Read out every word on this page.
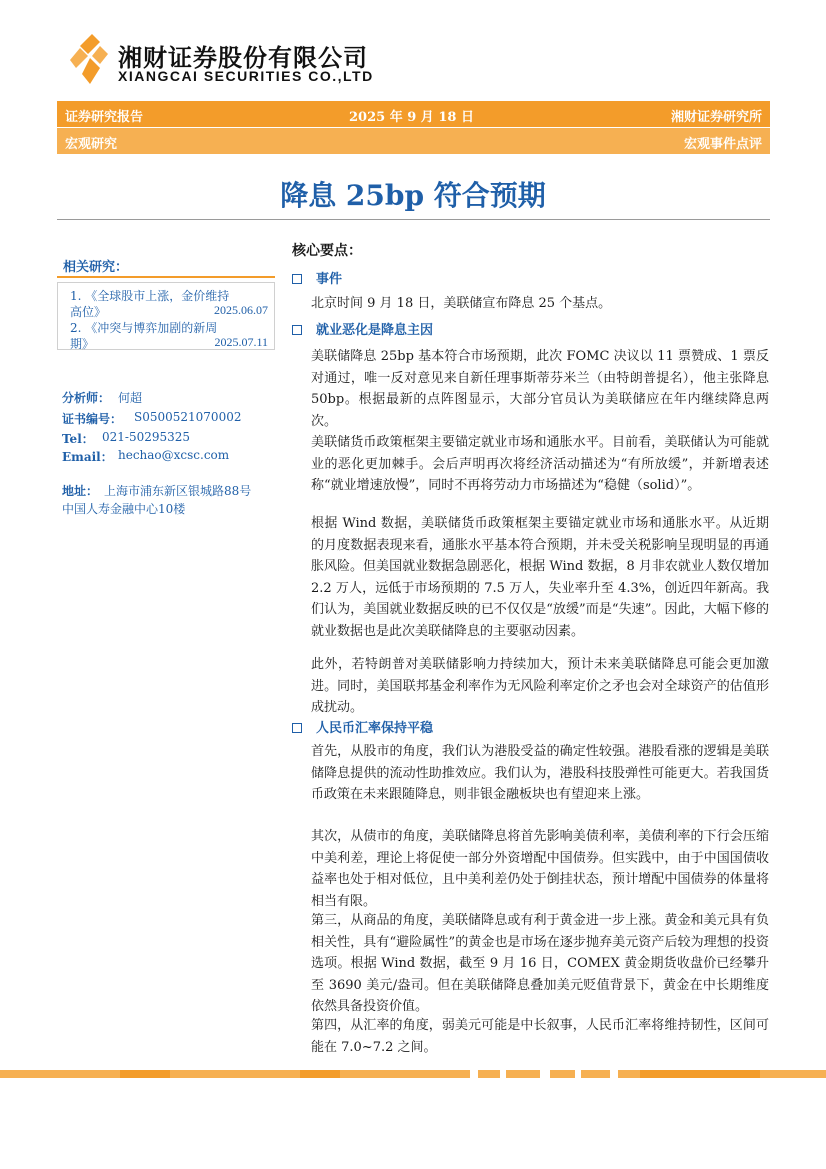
湘财证券股份有限公司
XIANGCAI SECURITIES CO.,LTD
证券研究报告	2025 年 9 月 18 日	湘财证券研究所
宏观研究	宏观事件点评
降息 25bp 符合预期
相关研究：
1. 《全球股市上涨，金价维持
高位》	2025.06.07
2. 《冲突与博弈加剧的新周
期》	2025.07.11
分析师： 何超
证书编号： S0500521070002
Tel： 021-50295325
Email： hechao@xcsc.com
地址： 上海市浦东新区银城路88号
中国人寿金融中心10楼
核心要点：
事件
北京时间 9 月 18 日，美联储宣布降息 25 个基点。
就业恶化是降息主因
美联储降息 25bp 基本符合市场预期，此次 FOMC 决议以 11 票赞成、1 票反对通过，唯一反对意见来自新任理事斯蒂芬米兰（由特朗普提名），他主张降息 50bp。根据最新的点阵图显示，大部分官员认为美联储应在年内继续降息两次。
美联储货币政策框架主要锚定就业市场和通胀水平。目前看，美联储认为可能就业的恶化更加棘手。会后声明再次将经济活动描述为“有所放缓”，并新增表述称“就业增速放慢”，同时不再将劳动力市场描述为“稳健（solid）”。
根据 Wind 数据，美联储货币政策框架主要锚定就业市场和通胀水平。从近期的月度数据表现来看，通胀水平基本符合预期，并未受关税影响呈现明显的再通胀风险。但美国就业数据急剧恶化，根据 Wind 数据，8 月非农就业人数仅增加 2.2 万人，远低于市场预期的 7.5 万人，失业率升至 4.3%，创近四年新高。我们认为，美国就业数据反映的已不仅仅是“放缓”而是“失速”。因此，大幅下修的就业数据也是此次美联储降息的主要驱动因素。
此外，若特朗普对美联储影响力持续加大，预计未来美联储降息可能会更加激进。同时，美国联邦基金利率作为无风险利率定价之矛也会对全球资产的估值形成扰动。
人民币汇率保持平稳
首先，从股市的角度，我们认为港股受益的确定性较强。港股看涨的逻辑是美联储降息提供的流动性助推效应。我们认为，港股科技股弹性可能更大。若我国货币政策在未来跟随降息，则非银金融板块也有望迎来上涨。
其次，从债市的角度，美联储降息将首先影响美债利率，美债利率的下行会压缩中美利差，理论上将促使一部分外资增配中国债券。但实践中，由于中国国债收益率也处于相对低位，且中美利差仍处于倒挂状态，预计增配中国债券的体量将相当有限。
第三，从商品的角度，美联储降息或有利于黄金进一步上涨。黄金和美元具有负相关性，具有“避险属性”的黄金也是市场在逐步抛弃美元资产后较为理想的投资选项。根据 Wind 数据，截至 9 月 16 日，COMEX 黄金期货收盘价已经攀升至 3690 美元/盎司。但在美联储降息叠加美元贬值背景下，黄金在中长期维度依然具备投资价值。
第四，从汇率的角度，弱美元可能是中长叙事，人民币汇率将维持韧性，区间可能在 7.0~7.2 之间。
